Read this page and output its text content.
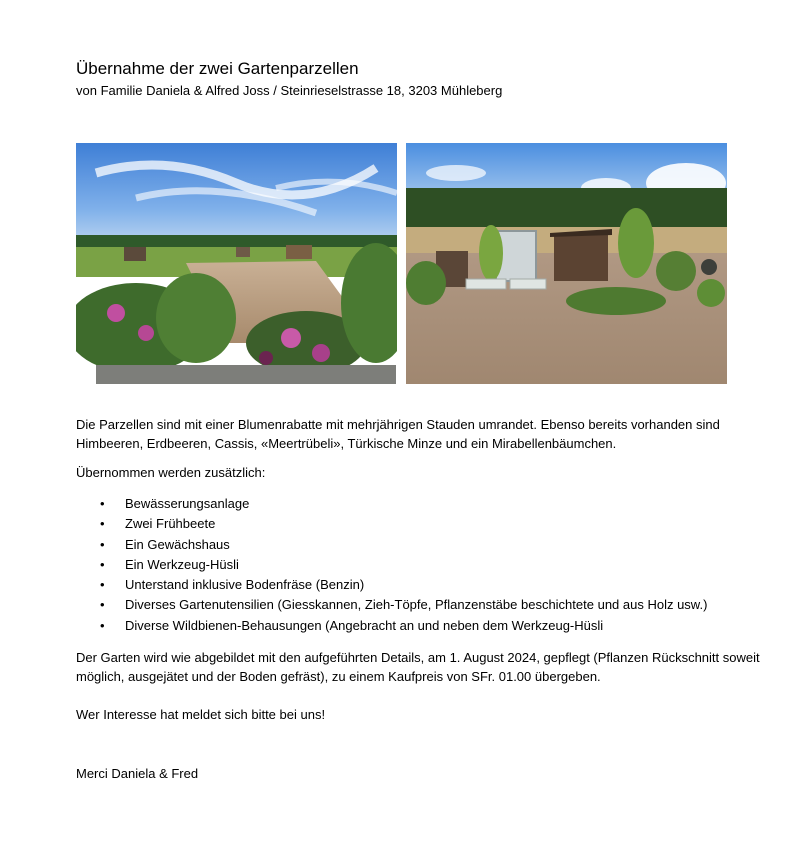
Übernahme der zwei Gartenparzellen
von Familie Daniela & Alfred Joss / Steinrieselstrasse 18, 3203 Mühleberg
Die Parzellen sind mit einer Blumenrabatte mit mehrjährigen Stauden umrandet. Ebenso bereits vorhanden sind Himbeeren, Erdbeeren, Cassis, «Meertrübeli», Türkische Minze und ein Mirabellenbäumchen.
Übernommen werden zusätzlich:
• Bewässerungsanlage
• Zwei Frühbeete
• Ein Gewächshaus
• Ein Werkzeug-Hüsli
• Unterstand inklusive Bodenfräse (Benzin)
• Diverses Gartenutensilien (Giesskannen, Zieh-Töpfe, Pflanzenstäbe beschichtete und aus Holz usw.)
• Diverse Wildbienen-Behausungen (Angebracht an und neben dem Werkzeug-Hüsli
Der Garten wird wie abgebildet mit den aufgeführten Details, am 1. August 2024, gepflegt (Pflanzen Rückschnitt soweit möglich, ausgejätet und der Boden gefräst), zu einem Kaufpreis von SFr. 01.00 übergeben.
Wer Interesse hat meldet sich bitte bei uns!
Merci Daniela & Fred
